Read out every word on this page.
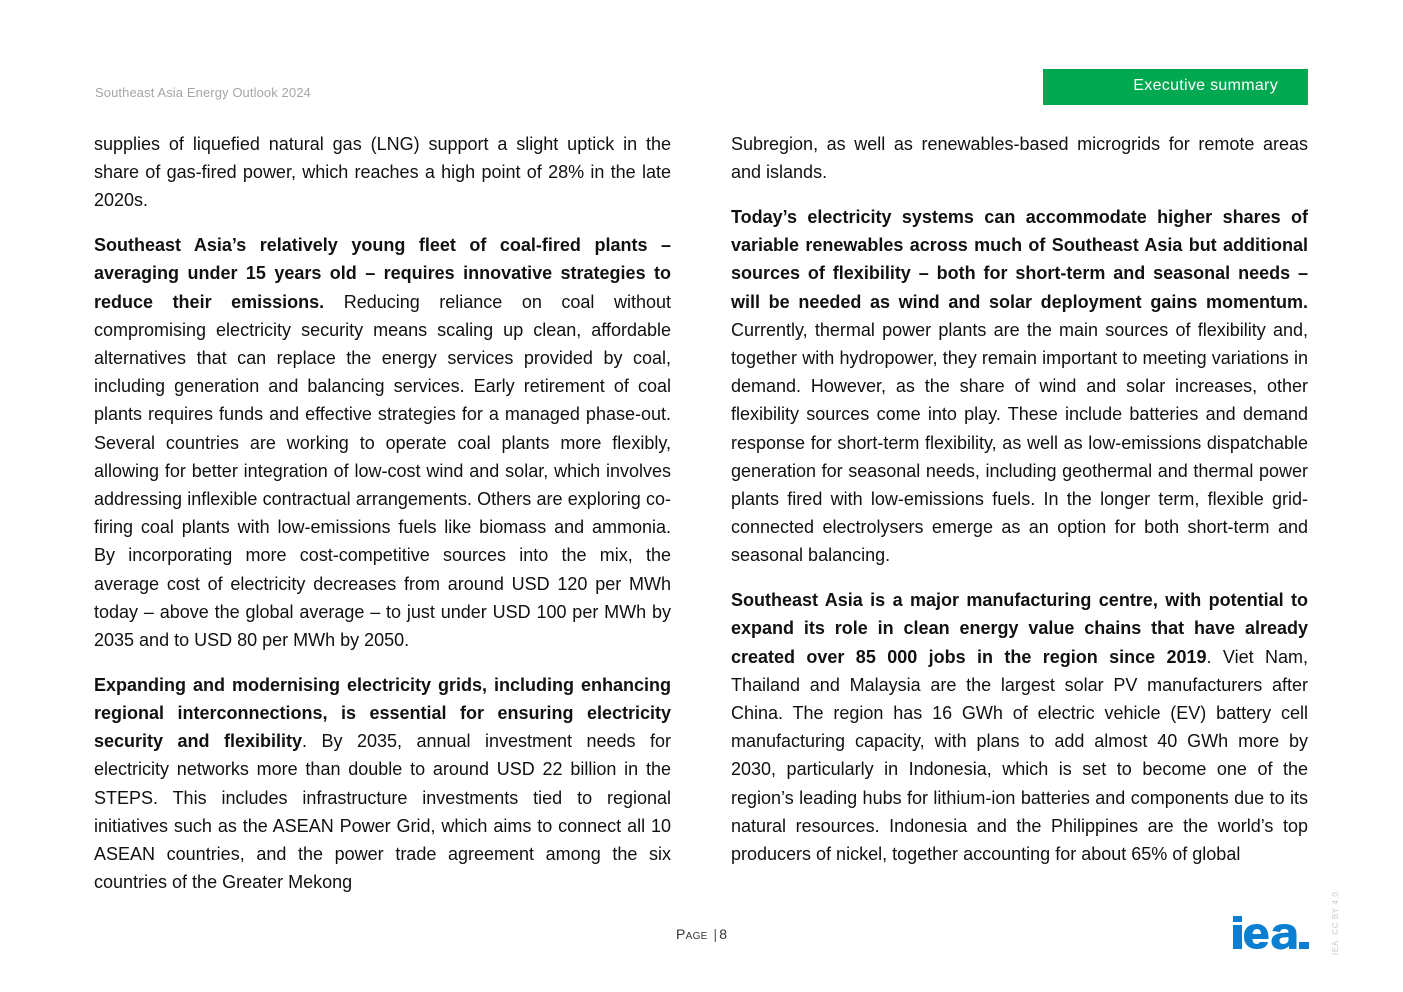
Southeast Asia Energy Outlook 2024	Executive summary

supplies of liquefied natural gas (LNG) support a slight uptick in the share of gas-fired power, which reaches a high point of 28% in the late 2020s.

Southeast Asia’s relatively young fleet of coal-fired plants – averaging under 15 years old – requires innovative strategies to reduce their emissions. Reducing reliance on coal without compromising electricity security means scaling up clean, affordable alternatives that can replace the energy services provided by coal, including generation and balancing services. Early retirement of coal plants requires funds and effective strategies for a managed phase-out. Several countries are working to operate coal plants more flexibly, allowing for better integration of low-cost wind and solar, which involves addressing inflexible contractual arrangements. Others are exploring co-firing coal plants with low-emissions fuels like biomass and ammonia. By incorporating more cost-competitive sources into the mix, the average cost of electricity decreases from around USD 120 per MWh today – above the global average – to just under USD 100 per MWh by 2035 and to USD 80 per MWh by 2050.

Expanding and modernising electricity grids, including enhancing regional interconnections, is essential for ensuring electricity security and flexibility. By 2035, annual investment needs for electricity networks more than double to around USD 22 billion in the STEPS. This includes infrastructure investments tied to regional initiatives such as the ASEAN Power Grid, which aims to connect all 10 ASEAN countries, and the power trade agreement among the six countries of the Greater Mekong

Subregion, as well as renewables-based microgrids for remote areas and islands.

Today’s electricity systems can accommodate higher shares of variable renewables across much of Southeast Asia but additional sources of flexibility – both for short-term and seasonal needs – will be needed as wind and solar deployment gains momentum. Currently, thermal power plants are the main sources of flexibility and, together with hydropower, they remain important to meeting variations in demand. However, as the share of wind and solar increases, other flexibility sources come into play. These include batteries and demand response for short-term flexibility, as well as low-emissions dispatchable generation for seasonal needs, including geothermal and thermal power plants fired with low-emissions fuels. In the longer term, flexible grid-connected electrolysers emerge as an option for both short-term and seasonal balancing.

Southeast Asia is a major manufacturing centre, with potential to expand its role in clean energy value chains that have already created over 85 000 jobs in the region since 2019. Viet Nam, Thailand and Malaysia are the largest solar PV manufacturers after China. The region has 16 GWh of electric vehicle (EV) battery cell manufacturing capacity, with plans to add almost 40 GWh more by 2030, particularly in Indonesia, which is set to become one of the region’s leading hubs for lithium-ion batteries and components due to its natural resources. Indonesia and the Philippines are the world’s top producers of nickel, together accounting for about 65% of global

Page | 8	IEA. CC BY 4.0.
